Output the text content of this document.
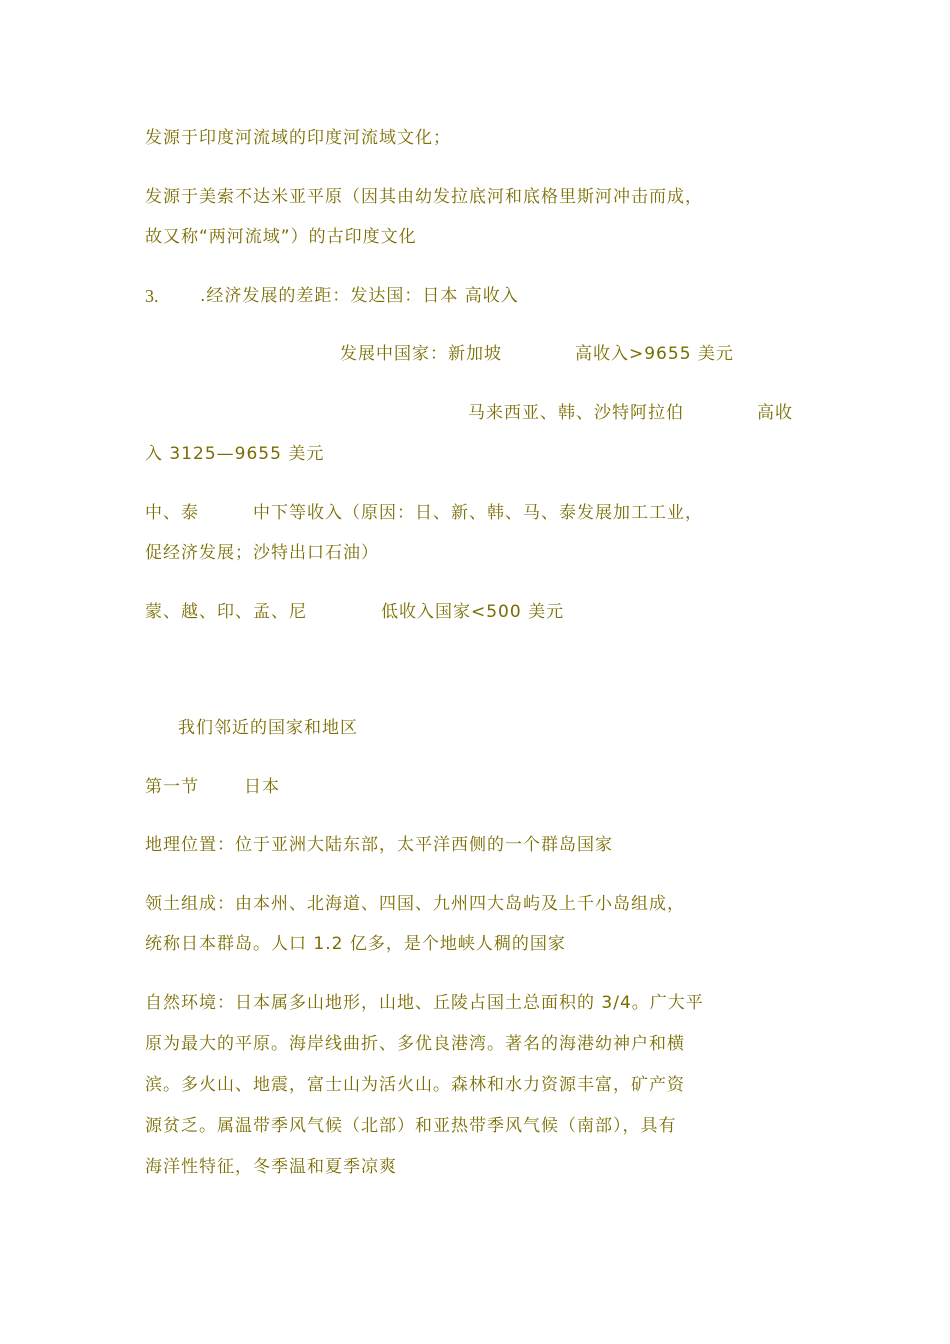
发源于印度河流域的印度河流域文化；
发源于美索不达米亚平原（因其由幼发拉底河和底格里斯河冲击而成，
故又称“两河流域”）的古印度文化
3. .经济发展的差距：发达国：日本 高收入
发展中国家：新加坡	高收入>9655 美元
马来西亚、韩、沙特阿拉伯	高收
入 3125—9655 美元
中、泰	中下等收入（原因：日、新、韩、马、泰发展加工工业，
促经济发展；沙特出口石油）
蒙、越、印、孟、尼	低收入国家<500 美元
我们邻近的国家和地区
第一节	日本
地理位置：位于亚洲大陆东部，太平洋西侧的一个群岛国家
领土组成：由本州、北海道、四国、九州四大岛屿及上千小岛组成，
统称日本群岛。人口 1.2 亿多，是个地峡人稠的国家
自然环境：日本属多山地形，山地、丘陵占国土总面积的 3/4。广大平
原为最大的平原。海岸线曲折、多优良港湾。著名的海港幼神户和横
滨。多火山、地震，富士山为活火山。森林和水力资源丰富，矿产资
源贫乏。属温带季风气候（北部）和亚热带季风气候（南部），具有
海洋性特征，冬季温和夏季凉爽
